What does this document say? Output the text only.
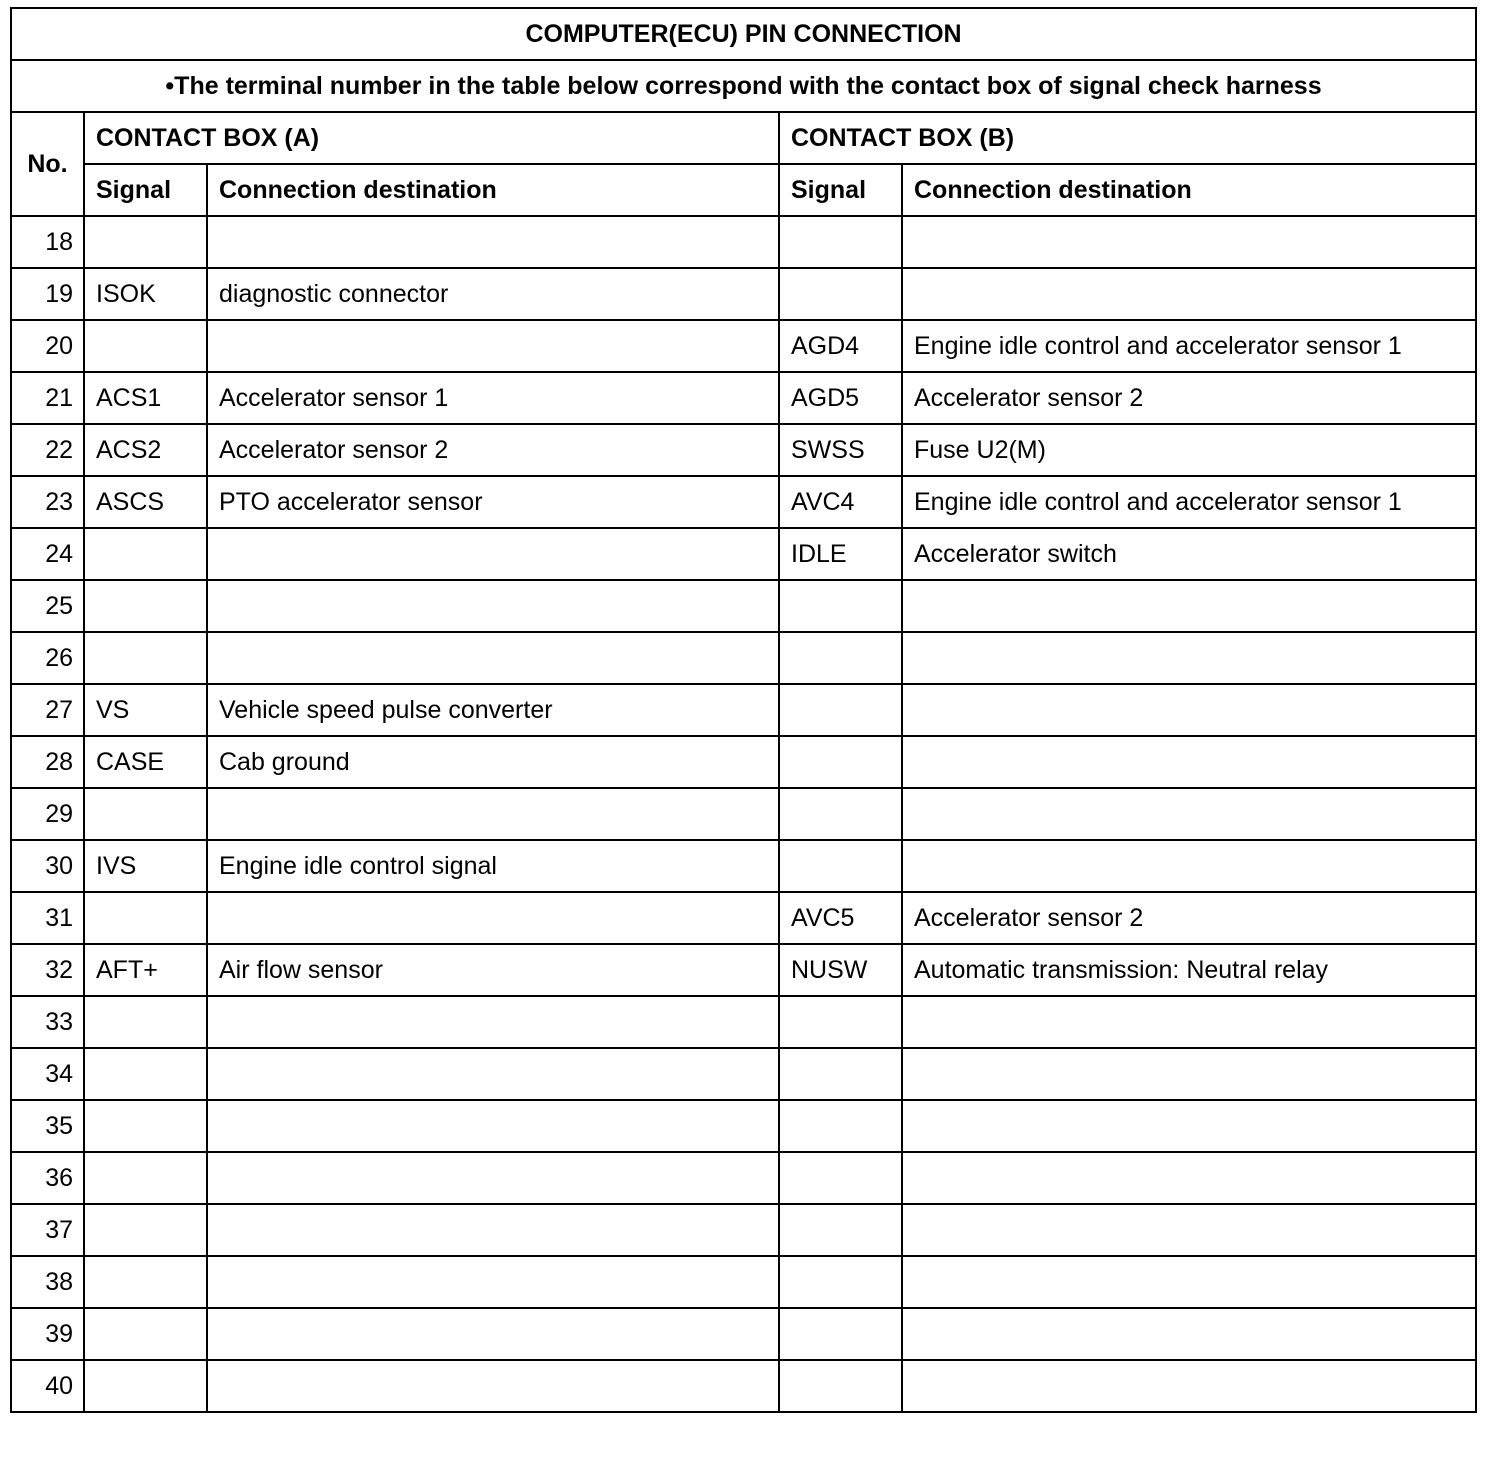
COMPUTER(ECU) PIN CONNECTION				
•The terminal number in the table below correspond with the contact box of signal check harness				
No.	CONTACT BOX (A)		CONTACT BOX (B)	
	Signal	Connection destination	Signal	Connection destination
18				
19	ISOK	diagnostic connector		
20			AGD4	Engine idle control and accelerator sensor 1
21	ACS1	Accelerator sensor 1	AGD5	Accelerator sensor 2
22	ACS2	Accelerator sensor 2	SWSS	Fuse U2(M)
23	ASCS	PTO accelerator sensor	AVC4	Engine idle control and accelerator sensor 1
24			IDLE	Accelerator switch
25				
26				
27	VS	Vehicle speed pulse converter		
28	CASE	Cab ground		
29				
30	IVS	Engine idle control signal		
31			AVC5	Accelerator sensor 2
32	AFT+	Air flow sensor	NUSW	Automatic transmission: Neutral relay
33				
34				
35				
36				
37				
38				
39				
40				
